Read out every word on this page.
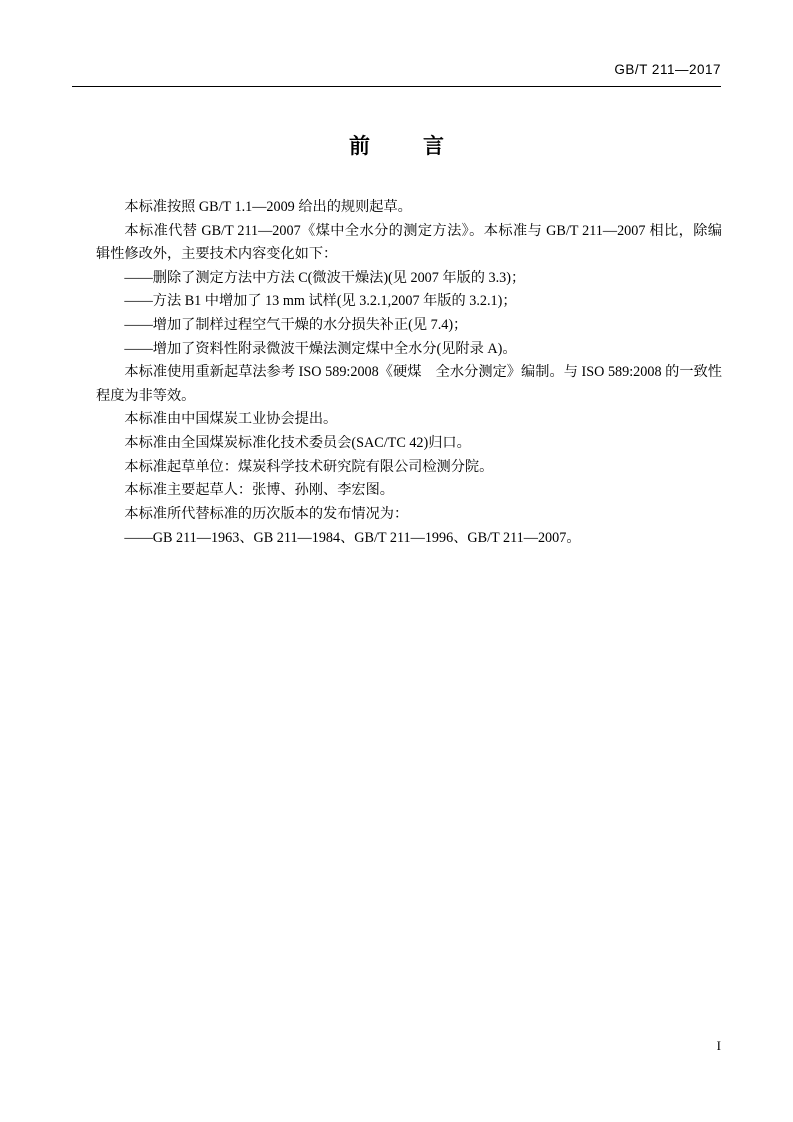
GB/T 211—2017
前　言

本标准按照 GB/T 1.1—2009 给出的规则起草。

本标准代替 GB/T 211—2007《煤中全水分的测定方法》。本标准与 GB/T 211—2007 相比，除编辑性修改外，主要技术内容变化如下：

——删除了测定方法中方法 C(微波干燥法)(见 2007 年版的 3.3)；

——方法 B1 中增加了 13 mm 试样(见 3.2.1,2007 年版的 3.2.1)；

——增加了制样过程空气干燥的水分损失补正(见 7.4)；

——增加了资料性附录微波干燥法测定煤中全水分(见附录 A)。

本标准使用重新起草法参考 ISO 589:2008《硬煤　全水分测定》编制。与 ISO 589:2008 的一致性程度为非等效。

本标准由中国煤炭工业协会提出。

本标准由全国煤炭标准化技术委员会(SAC/TC 42)归口。

本标准起草单位：煤炭科学技术研究院有限公司检测分院。

本标准主要起草人：张博、孙刚、李宏图。

本标准所代替标准的历次版本的发布情况为：

——GB 211—1963、GB 211—1984、GB/T 211—1996、GB/T 211—2007。

I
